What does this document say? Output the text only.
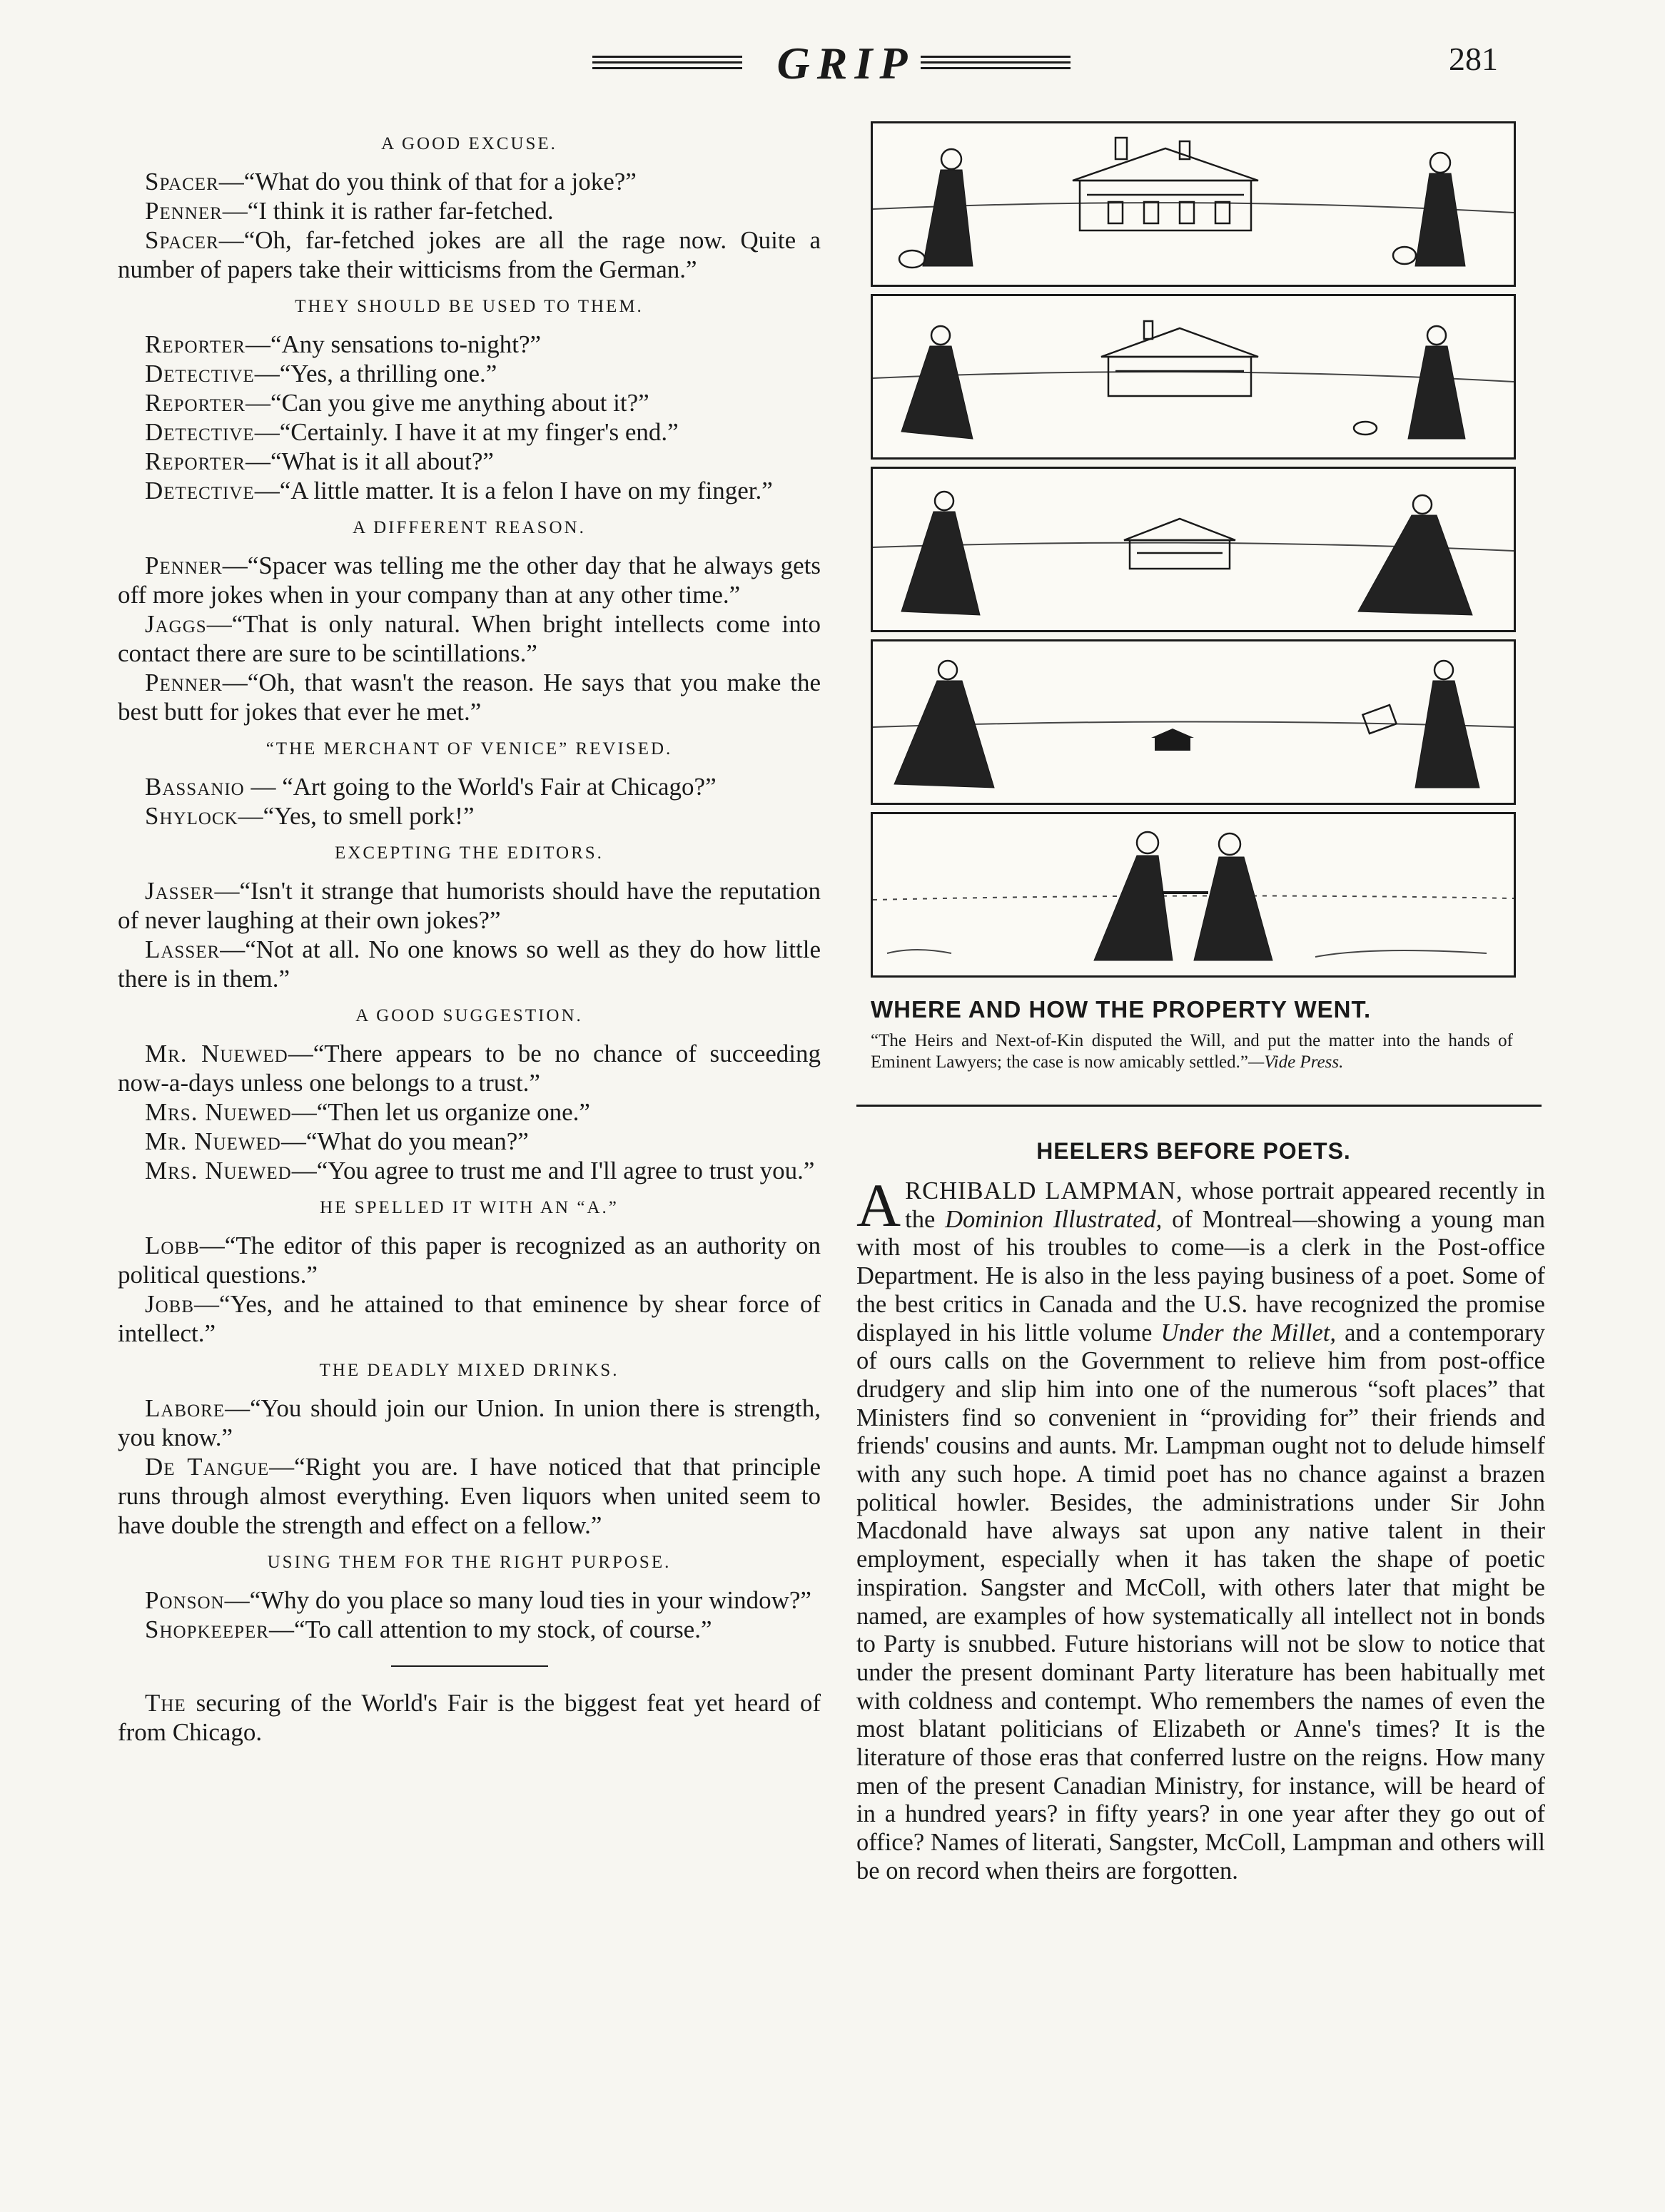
GRIP	281
A GOOD EXCUSE.

Spacer—“What do you think of that for a joke?”

Penner—“I think it is rather far-fetched.

Spacer—“Oh, far-fetched jokes are all the rage now. Quite a number of papers take their witticisms from the German.”

THEY SHOULD BE USED TO THEM.

Reporter—“Any sensations to-night?”

Detective—“Yes, a thrilling one.”

Reporter—“Can you give me anything about it?”

Detective—“Certainly. I have it at my finger's end.”

Reporter—“What is it all about?”

Detective—“A little matter. It is a felon I have on my finger.”

A DIFFERENT REASON.

Penner—“Spacer was telling me the other day that he always gets off more jokes when in your company than at any other time.”

Jaggs—“That is only natural. When bright intellects come into contact there are sure to be scintillations.”

Penner—“Oh, that wasn't the reason. He says that you make the best butt for jokes that ever he met.”

“THE MERCHANT OF VENICE” REVISED.

Bassanio — “Art going to the World's Fair at Chicago?”

Shylock—“Yes, to smell pork!”

EXCEPTING THE EDITORS.

Jasser—“Isn't it strange that humorists should have the reputation of never laughing at their own jokes?”

Lasser—“Not at all. No one knows so well as they do how little there is in them.”

A GOOD SUGGESTION.

Mr. Nuewed—“There appears to be no chance of succeeding now-a-days unless one belongs to a trust.”

Mrs. Nuewed—“Then let us organize one.”

Mr. Nuewed—“What do you mean?”

Mrs. Nuewed—“You agree to trust me and I'll agree to trust you.”

HE SPELLED IT WITH AN “A.”

Lobb—“The editor of this paper is recognized as an authority on political questions.”

Jobb—“Yes, and he attained to that eminence by shear force of intellect.”

THE DEADLY MIXED DRINKS.

Labore—“You should join our Union. In union there is strength, you know.”

De Tangue—“Right you are. I have noticed that that principle runs through almost everything. Even liquors when united seem to have double the strength and effect on a fellow.”

USING THEM FOR THE RIGHT PURPOSE.

Ponson—“Why do you place so many loud ties in your window?”

Shopkeeper—“To call attention to my stock, of course.”

The securing of the World's Fair is the biggest feat yet heard of from Chicago.

WHERE AND HOW THE PROPERTY WENT.

“The Heirs and Next-of-Kin disputed the Will, and put the matter into the hands of Eminent Lawyers; the case is now amicably settled.”—Vide Press.

HEELERS BEFORE POETS.

ARCHIBALD LAMPMAN, whose portrait appeared recently in the Dominion Illustrated, of Montreal—showing a young man with most of his troubles to come—is a clerk in the Post-office Department. He is also in the less paying business of a poet. Some of the best critics in Canada and the U.S. have recognized the promise displayed in his little volume Under the Millet, and a contemporary of ours calls on the Government to relieve him from post-office drudgery and slip him into one of the numerous “soft places” that Ministers find so convenient in “providing for” their friends and friends' cousins and aunts. Mr. Lampman ought not to delude himself with any such hope. A timid poet has no chance against a brazen political howler. Besides, the administrations under Sir John Macdonald have always sat upon any native talent in their employment, especially when it has taken the shape of poetic inspiration. Sangster and McColl, with others later that might be named, are examples of how systematically all intellect not in bonds to Party is snubbed. Future historians will not be slow to notice that under the present dominant Party literature has been habitually met with coldness and contempt. Who remembers the names of even the most blatant politicians of Elizabeth or Anne's times? It is the literature of those eras that conferred lustre on the reigns. How many men of the present Canadian Ministry, for instance, will be heard of in a hundred years? in fifty years? in one year after they go out of office? Names of literati, Sangster, McColl, Lampman and others will be on record when theirs are forgotten.
